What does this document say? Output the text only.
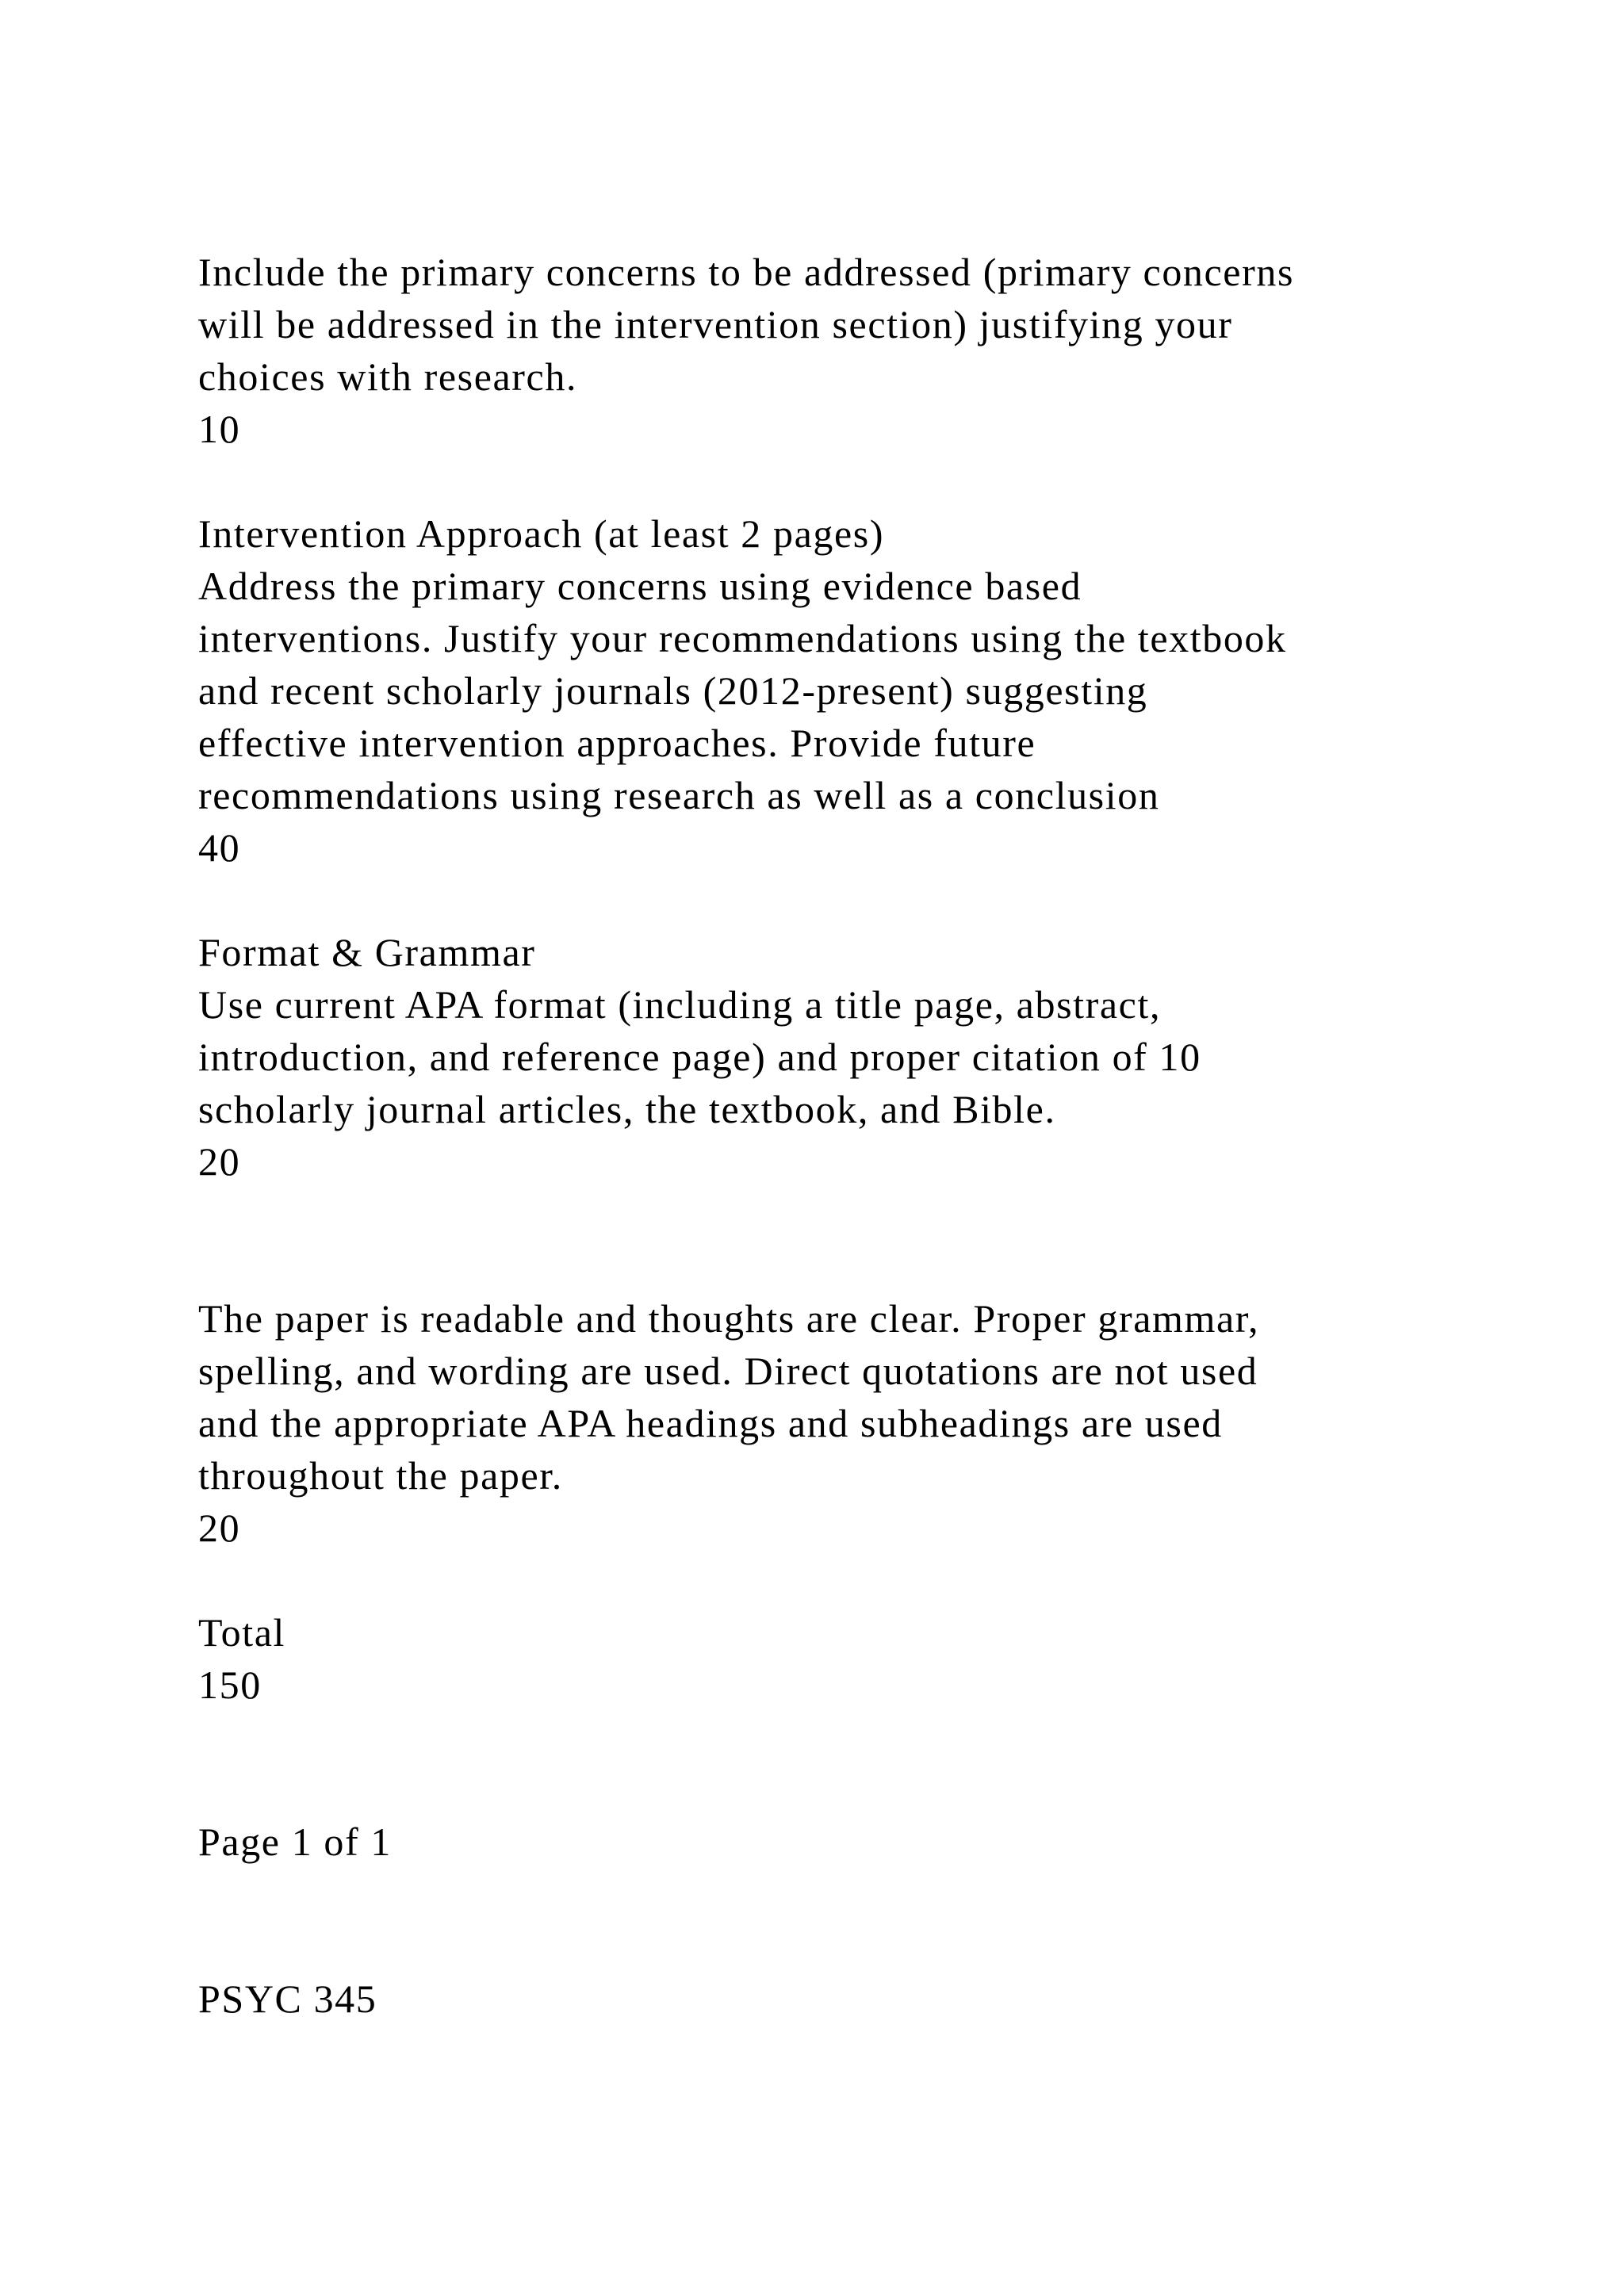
Include the primary concerns to be addressed (primary concerns
will be addressed in the intervention section) justifying your
choices with research.
10
Intervention Approach (at least 2 pages)
Address the primary concerns using evidence based
interventions. Justify your recommendations using the textbook
and recent scholarly journals (2012-present) suggesting
effective intervention approaches. Provide future
recommendations using research as well as a conclusion
40
Format & Grammar
Use current APA format (including a title page, abstract,
introduction, and reference page) and proper citation of 10
scholarly journal articles, the textbook, and Bible.
20
The paper is readable and thoughts are clear. Proper grammar,
spelling, and wording are used. Direct quotations are not used
and the appropriate APA headings and subheadings are used
throughout the paper.
20
Total
150
Page 1 of 1
PSYC 345
